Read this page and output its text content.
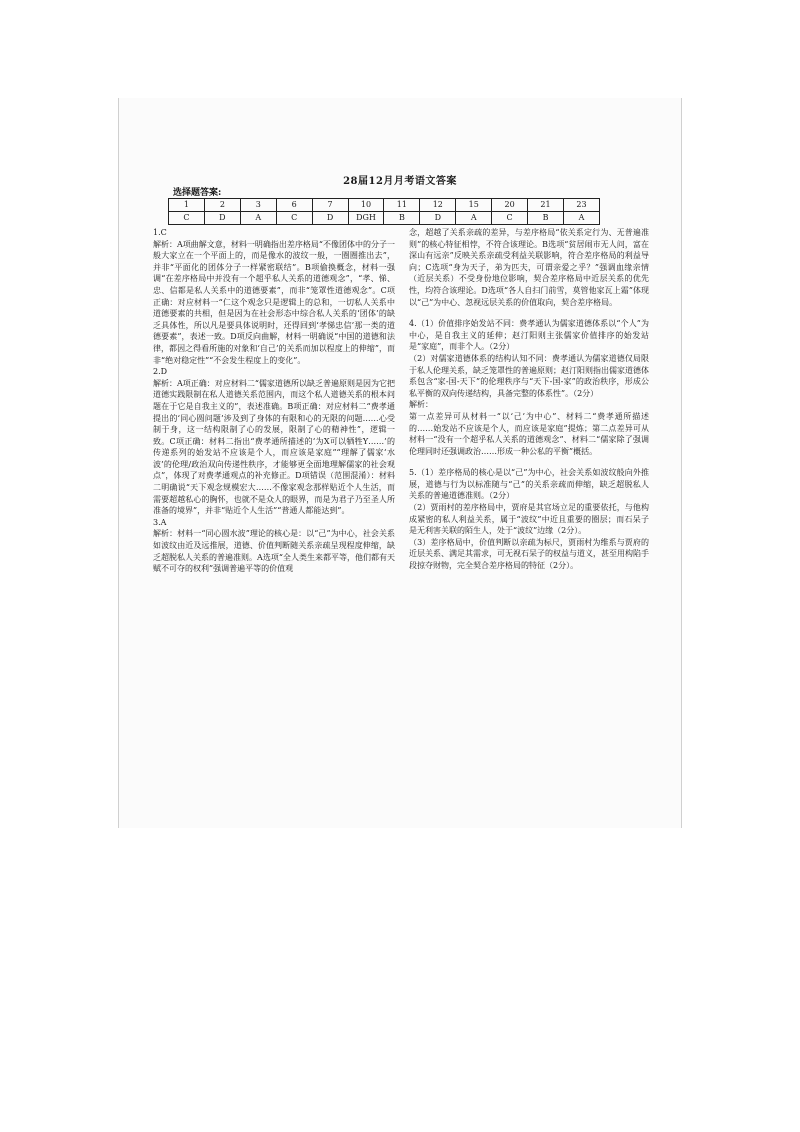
28届12月月考语文答案
选择题答案:
1	2	3	6	7	10	11	12	15	20	21	23
C	D	A	C	D	DGH	B	D	A	C	B	A

1.C

解析：A项曲解文意，材料一明确指出差序格局“不像团体中的分子一般大家立在一个平面上的，而是像水的波纹一般，一圈圈推出去”，并非“平面化的团体分子一样紧密联结”。B项偷换概念，材料一强调“在差序格局中并没有一个超乎私人关系的道德观念”，“孝、悌、忠、信都是私人关系中的道德要素”，而非“笼罩性道德观念”。C项正确：对应材料一“仁这个观念只是逻辑上的总和，一切私人关系中道德要素的共相，但是因为在社会形态中综合私人关系的‘团体’的缺乏具体性，所以凡是要具体说明时，还得回到‘孝悌忠信’那一类的道德要素”，表述一致。D项反向曲解，材料一明确说“中国的道德和法律，都因之得看所施的对象和‘自己’的关系而加以程度上的伸缩”，而非“绝对稳定性”“不会发生程度上的变化”。

2.D

解析：A项正确：对应材料二“儒家道德所以缺乏普遍原则是因为它把道德实践限制在私人道德关系范围内，而这个私人道德关系的根本问题在于它是自我主义的”，表述准确。B项正确：对应材料二“费孝通提出的‘同心圆问题’涉及到了身体的有限和心的无限的问题……心受制于身，这一结构限制了心的发展，限制了心的精神性”，逻辑一致。C项正确：材料二指出“费孝通所描述的‘为X可以牺牲Y……’的传递系列的始发站不应该是个人，而应该是家庭”“理解了儒家‘水波’的伦理/政治双向传递性秩序，才能够更全面地理解儒家的社会观点”，体现了对费孝通观点的补充修正。D项错误（范围混淆）：材料二明确说“天下观念规模宏大……不像家观念那样贴近个人生活，而需要超越私心的胸怀，也就不是众人的眼界，而是为君子乃至圣人所准备的境界”，并非“贴近个人生活”“普通人都能达到”。

3.A

解析：材料一“同心圆水波”理论的核心是：以“己”为中心，社会关系如波纹由近及远推展，道德、价值判断随关系亲疏呈现程度伸缩，缺乏超脱私人关系的普遍准则。A选项“全人类生来都平等，他们都有天赋不可夺的权利”强调普遍平等的价值观

念，超越了关系亲疏的差异，与差序格局“依关系定行为、无普遍准则”的核心特征相悖，不符合该理论。B选项“贫居闹市无人问，富在深山有远亲”反映关系亲疏受利益关联影响，符合差序格局的利益导向；C选项“身为天子，弟为匹夫，可谓亲爱之乎？”强调血缘亲情（近层关系）不受身份地位影响，契合差序格局中近层关系的优先性，均符合该理论。D选项“各人自扫门前雪，莫管他家瓦上霜”体现以“己”为中心、忽视远层关系的价值取向，契合差序格局。

4.（1）价值排序始发站不同：费孝通认为儒家道德体系以“个人”为中心，是自我主义的延伸；赵汀阳则主张儒家价值排序的始发站是“家庭”，而非个人。（2分）

（2）对儒家道德体系的结构认知不同：费孝通认为儒家道德仅局限于私人伦理关系，缺乏笼罩性的普遍原则；赵汀阳则指出儒家道德体系包含“家-国-天下”的伦理秩序与“天下-国-家”的政治秩序，形成公私平衡的双向传递结构，具备完整的体系性”。（2分）

解析：

第一点差异可从材料一“以‘己’为中心”、材料二“费孝通所描述的……始发站不应该是个人，而应该是家庭”提炼；第二点差异可从材料一“没有一个超乎私人关系的道德观念”、材料二“儒家除了强调伦理同时还强调政治……形成一种公私的平衡”概括。

5.（1）差序格局的核心是以“己”为中心，社会关系如波纹般向外推展，道德与行为以标准随与“己”的关系亲疏而伸缩，缺乏超脱私人关系的普遍道德准则。（2分）

（2）贾雨村的差序格局中，贾府是其官场立足的重要依托，与他构成紧密的私人利益关系，属于“波纹”中近且重要的圈层；而石呆子是无利害关联的陌生人，处于“波纹”边缘（2分）。

（3）差序格局中，价值判断以亲疏为标尺，贾雨村为维系与贾府的近层关系、满足其需求，可无视石呆子的权益与道义，甚至用构陷手段掠夺财物，完全契合差序格局的特征（2分）。
